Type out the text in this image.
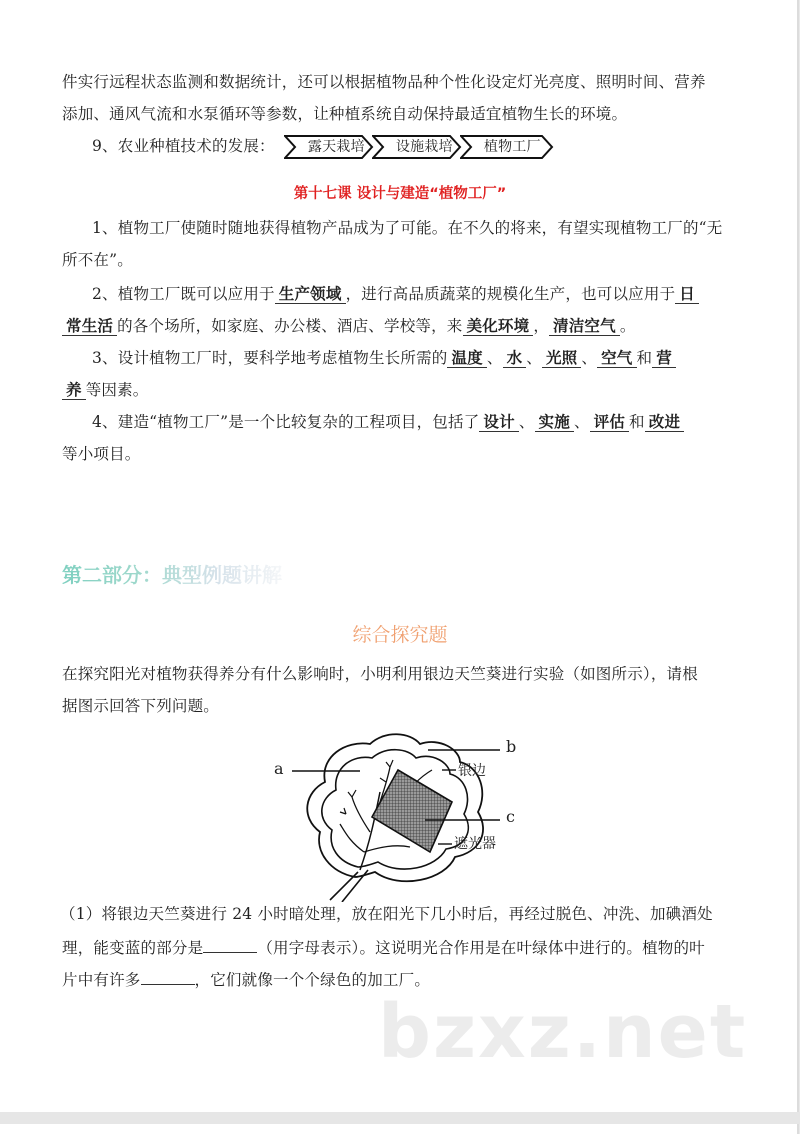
件实行远程状态监测和数据统计，还可以根据植物品种个性化设定灯光亮度、照明时间、营养
添加、通风气流和水泵循环等参数，让种植系统自动保持最适宜植物生长的环境。
9、农业种植技术的发展：	露天栽培	设施栽培	植物工厂
第十七课 设计与建造“植物工厂”
1、植物工厂使随时随地获得植物产品成为了可能。在不久的将来，有望实现植物工厂的“无
所不在”。
2、植物工厂既可以应用于 生产领域 ，进行高品质蔬菜的规模化生产，也可以应用于 日
常生活 的各个场所，如家庭、办公楼、酒店、学校等，来 美化环境 ， 清洁空气 。
3、设计植物工厂时，要科学地考虑植物生长所需的 温度 、 水 、 光照 、 空气 和 营
养 等因素。
4、建造“植物工厂”是一个比较复杂的工程项目，包括了 设计 、 实施 、 评估 和 改进
等小项目。
第二部分：典型例题讲解
综合探究题
在探究阳光对植物获得养分有什么影响时，小明利用银边天竺葵进行实验（如图所示），请根
据图示回答下列问题。
a
b
银边
c
遮光器
（1）将银边天竺葵进行 24 小时暗处理，放在阳光下几小时后，再经过脱色、冲洗、加碘酒处
理，能变蓝的部分是	（用字母表示）。这说明光合作用是在叶绿体中进行的。植物的叶
片中有许多	，它们就像一个个绿色的加工厂。
bzxz.net
